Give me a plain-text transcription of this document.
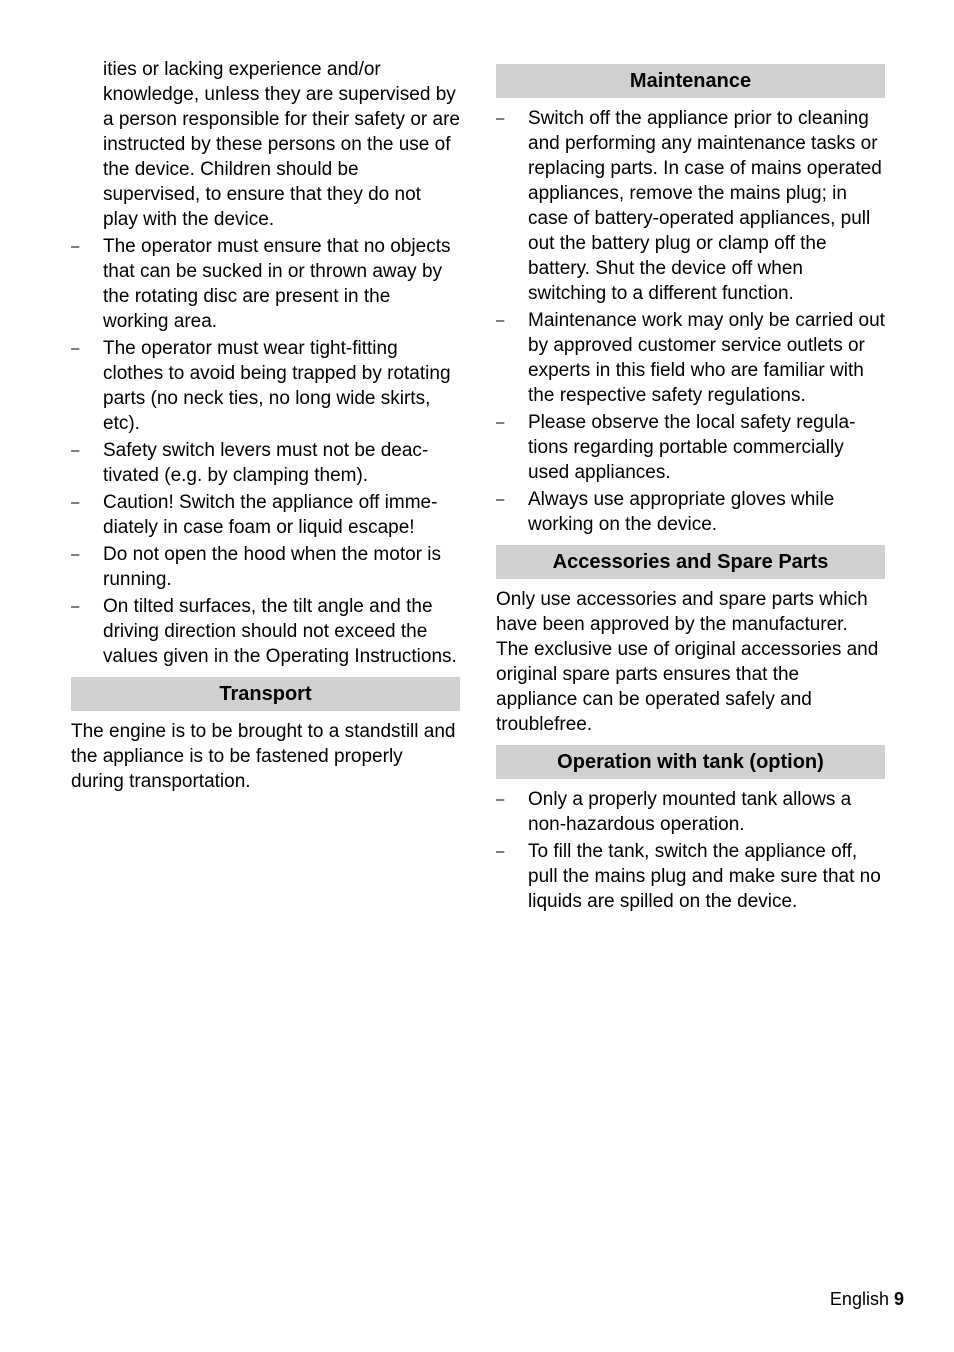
ities or lacking experience and/or knowledge, unless they are supervised by a person responsible for their safety or are instructed by these persons on the use of the device. Children should be supervised, to ensure that they do not play with the device.
–	The operator must ensure that no objects that can be sucked in or thrown away by the rotating disc are present in the working area.
–	The operator must wear tight-fitting clothes to avoid being trapped by rotating parts (no neck ties, no long wide skirts, etc).
–	Safety switch levers must not be deactivated (e.g. by clamping them).
–	Caution! Switch the appliance off immediately in case foam or liquid escape!
–	Do not open the hood when the motor is running.
–	On tilted surfaces, the tilt angle and the driving direction should not exceed the values given in the Operating Instructions.
Transport

The engine is to be brought to a standstill and the appliance is to be fastened properly during transportation.

Maintenance
–	Switch off the appliance prior to cleaning and performing any maintenance tasks or replacing parts. In case of mains operated appliances, remove the mains plug; in case of battery-operated appliances, pull out the battery plug or clamp off the battery. Shut the device off when switching to a different function.
–	Maintenance work may only be carried out by approved customer service outlets or experts in this field who are familiar with the respective safety regulations.
–	Please observe the local safety regulations regarding portable commercially used appliances.
–	Always use appropriate gloves while working on the device.
Accessories and Spare Parts

Only use accessories and spare parts which have been approved by the manufacturer. The exclusive use of original accessories and original spare parts ensures that the appliance can be operated safely and troublefree.

Operation with tank (option)
–	Only a properly mounted tank allows a non-hazardous operation.
–	To fill the tank, switch the appliance off, pull the mains plug and make sure that no liquids are spilled on the device.
English 9
